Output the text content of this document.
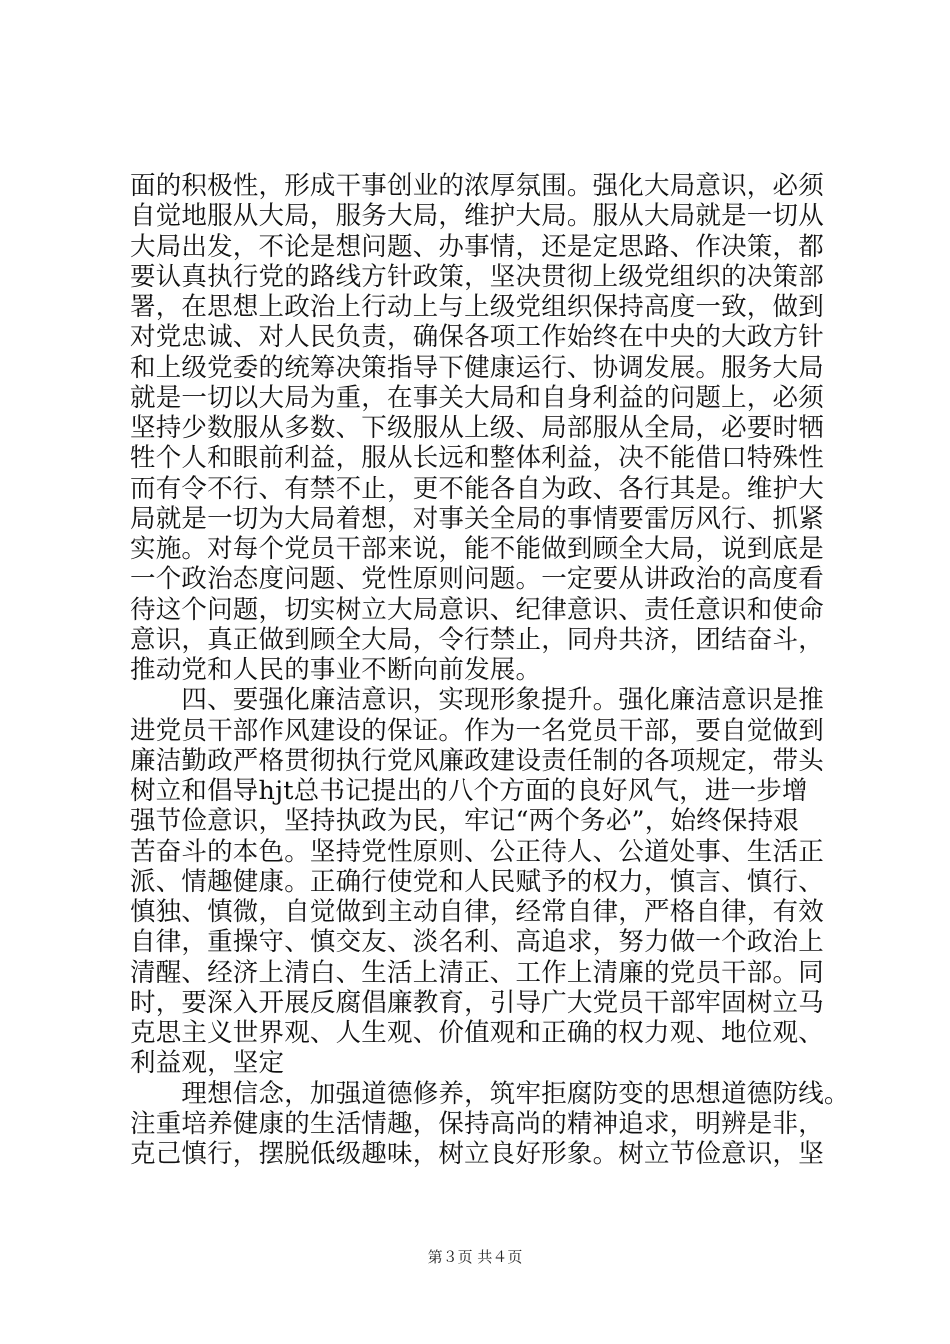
面的积极性，形成干事创业的浓厚氛围。强化大局意识，必须
自觉地服从大局，服务大局，维护大局。服从大局就是一切从
大局出发，不论是想问题、办事情，还是定思路、作决策，都
要认真执行党的路线方针政策，坚决贯彻上级党组织的决策部
署，在思想上政治上行动上与上级党组织保持高度一致，做到
对党忠诚、对人民负责，确保各项工作始终在中央的大政方针
和上级党委的统筹决策指导下健康运行、协调发展。服务大局
就是一切以大局为重，在事关大局和自身利益的问题上，必须
坚持少数服从多数、下级服从上级、局部服从全局，必要时牺
牲个人和眼前利益，服从长远和整体利益，决不能借口特殊性
而有令不行、有禁不止，更不能各自为政、各行其是。维护大
局就是一切为大局着想，对事关全局的事情要雷厉风行、抓紧
实施。对每个党员干部来说，能不能做到顾全大局，说到底是
一个政治态度问题、党性原则问题。一定要从讲政治的高度看
待这个问题，切实树立大局意识、纪律意识、责任意识和使命
意识，真正做到顾全大局，令行禁止，同舟共济，团结奋斗，
推动党和人民的事业不断向前发展。
　　四、要强化廉洁意识，实现形象提升。强化廉洁意识是推
进党员干部作风建设的保证。作为一名党员干部，要自觉做到
廉洁勤政严格贯彻执行党风廉政建设责任制的各项规定，带头
树立和倡导hjt总书记提出的八个方面的良好风气，进一步增
强节俭意识，坚持执政为民，牢记“两个务必”，始终保持艰
苦奋斗的本色。坚持党性原则、公正待人、公道处事、生活正
派、情趣健康。正确行使党和人民赋予的权力，慎言、慎行、
慎独、慎微，自觉做到主动自律，经常自律，严格自律，有效
自律，重操守、慎交友、淡名利、高追求，努力做一个政治上
清醒、经济上清白、生活上清正、工作上清廉的党员干部。同
时，要深入开展反腐倡廉教育，引导广大党员干部牢固树立马
克思主义世界观、人生观、价值观和正确的权力观、地位观、
利益观，坚定
　　理想信念，加强道德修养，筑牢拒腐防变的思想道德防线。
注重培养健康的生活情趣，保持高尚的精神追求，明辨是非，
克己慎行，摆脱低级趣味，树立良好形象。树立节俭意识，坚
第３页 共４页
